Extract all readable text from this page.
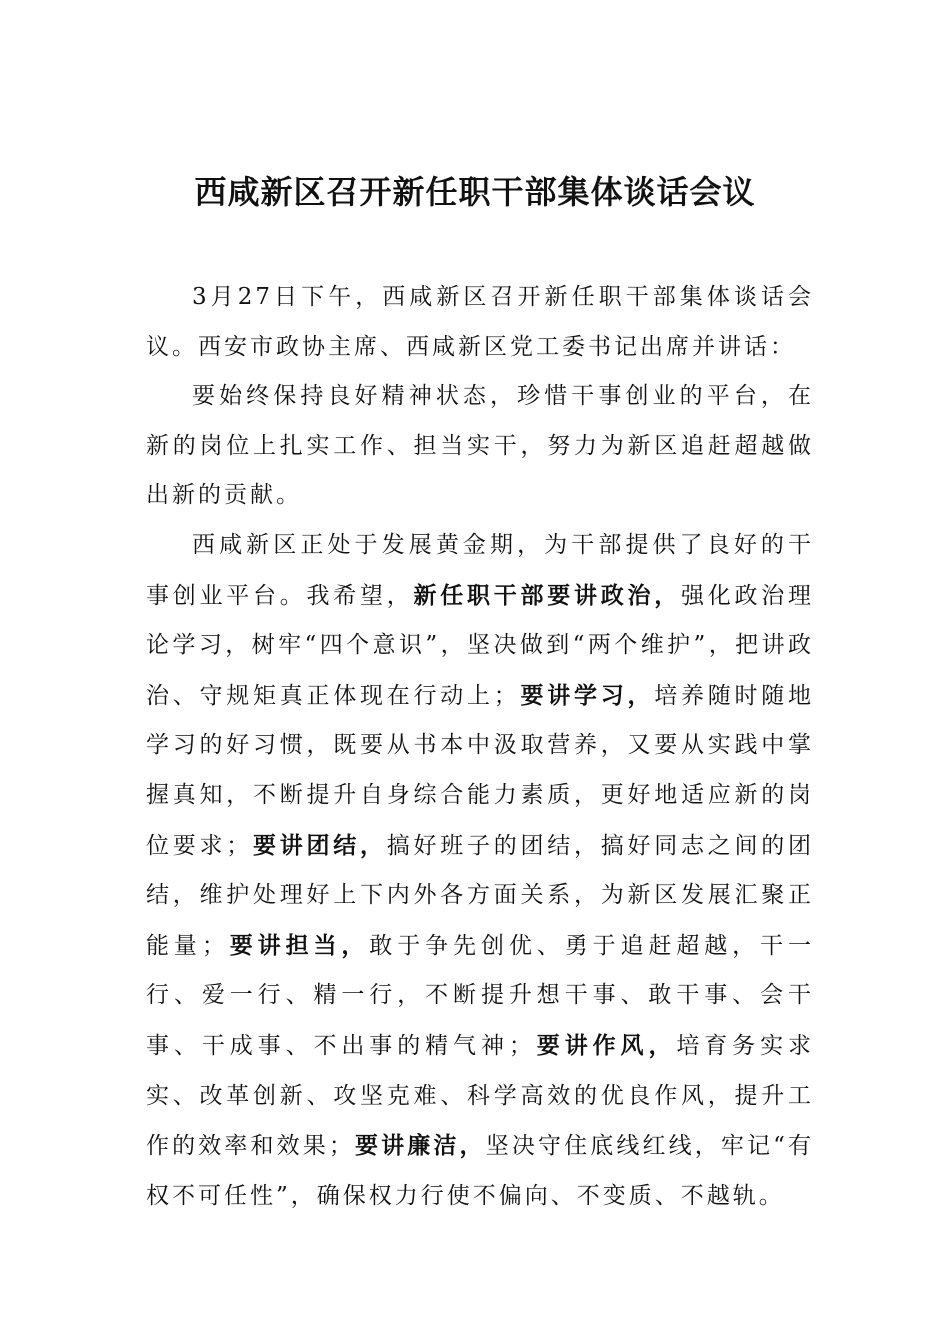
西咸新区召开新任职干部集体谈话会议

3月27日下午，西咸新区召开新任职干部集体谈话会议。西安市政协主席、西咸新区党工委书记出席并讲话：

要始终保持良好精神状态，珍惜干事创业的平台，在新的岗位上扎实工作、担当实干，努力为新区追赶超越做出新的贡献。

西咸新区正处于发展黄金期，为干部提供了良好的干事创业平台。我希望，新任职干部要讲政治，强化政治理论学习，树牢“四个意识”，坚决做到“两个维护”，把讲政治、守规矩真正体现在行动上；要讲学习，培养随时随地学习的好习惯，既要从书本中汲取营养，又要从实践中掌握真知，不断提升自身综合能力素质，更好地适应新的岗位要求；要讲团结，搞好班子的团结，搞好同志之间的团结，维护处理好上下内外各方面关系，为新区发展汇聚正能量；要讲担当，敢于争先创优、勇于追赶超越，干一行、爱一行、精一行，不断提升想干事、敢干事、会干事、干成事、不出事的精气神；要讲作风，培育务实求实、改革创新、攻坚克难、科学高效的优良作风，提升工作的效率和效果；要讲廉洁，坚决守住底线红线，牢记“有权不可任性”，确保权力行使不偏向、不变质、不越轨。
